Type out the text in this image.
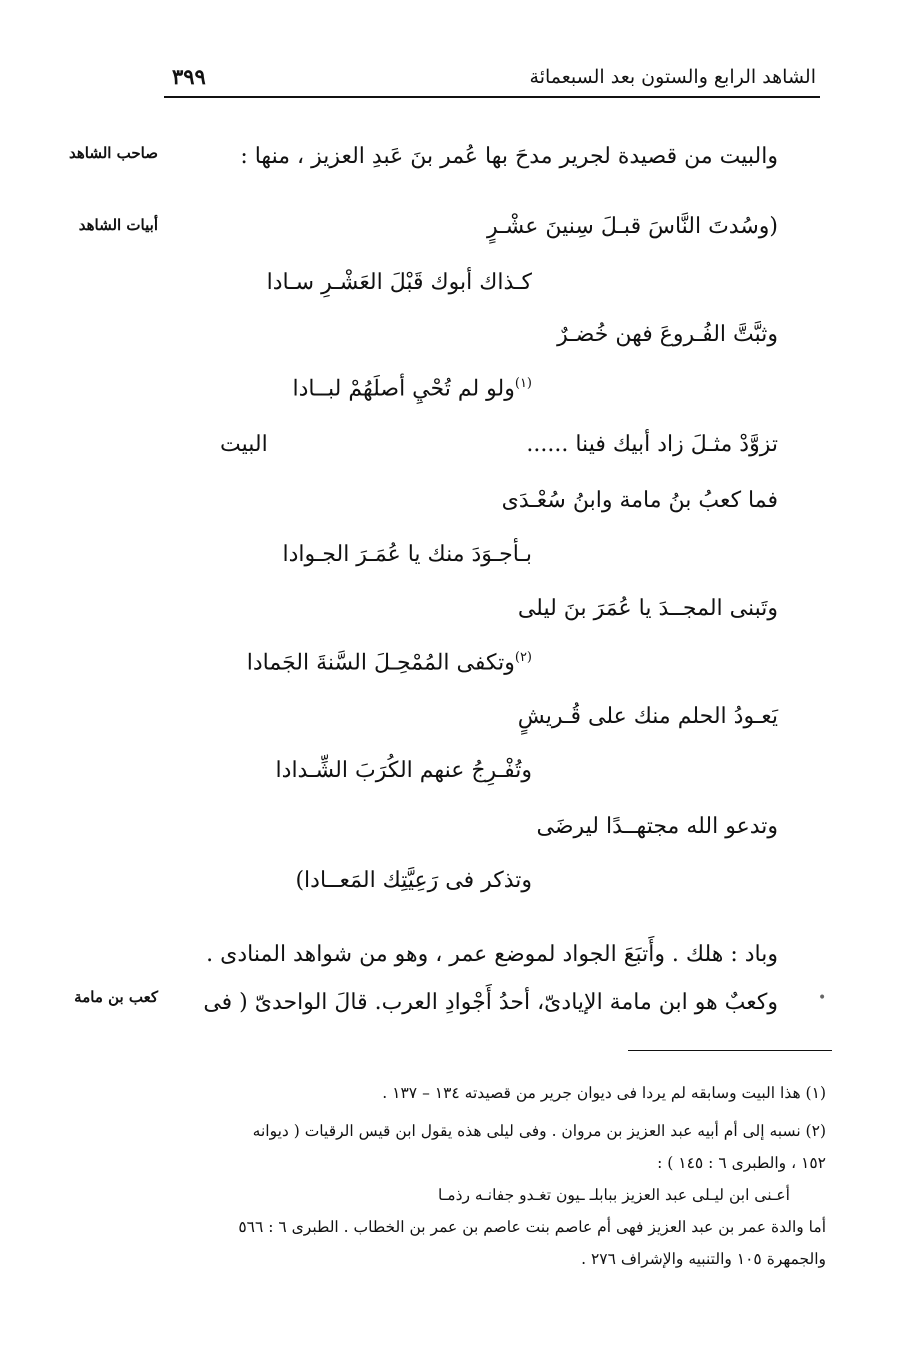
الشاهد الرابع والستون بعد السبعمائة
٣٩٩
صاحب الشاهد
أبيات الشاهد
كعب بن مامة
والبيت من قصيدة لجرير مدحَ بها عُمر بنَ عَبدِ العزيز ، منها :
(وسُدتَ النَّاسَ قبـلَ سِنينَ عشْـرٍ
كـذاك أبوك قَبْلَ العَشْـرِ سـادا
وثبَّتَّ الفُـروعَ فهن خُضـرٌ
$^{(١)}$ولو لم تُحْيِ أصلَهُمْ لبــادا
تزوَّدْ مثـلَ زاد أبيك فينا ......
البيت
فما كعبُ بنُ مامة وابنُ سُعْـدَى
بـأجـوَدَ منك يا عُمَـرَ الجـوادا
وتَبنى المجــدَ يا عُمَرَ بنَ ليلى
$^{(٢)}$وتكفى المُمْحِـلَ السَّنةَ الجَمادا
يَعـودُ الحلم منك على قُـريشٍ
وتُفْـرِجُ عنهم الكُرَبَ الشِّـدادا
وتدعو الله مجتهــدًا ليرضَى
وتذكر فى رَعِيَّتِك المَعــادا)
وباد : هلك . وأَتبَعَ الجواد لموضع عمر ، وهو من شواهد المنادى .
وكعبٌ هو ابن مامة الإيادىّ، أحدُ أَجْوادِ العرب. قالَ الواحدىّ ( فى	•
(١) هذا البيت وسابقه لم يردا فى ديوان جرير من قصيدته ١٣٤ – ١٣٧ .
(٢) نسبه إلى أم أبيه عبد العزيز بن مروان . وفى ليلى هذه يقول ابن قيس الرقيات ( ديوانه
١٥٢ ، والطبرى ٦ : ١٤٥ ) :
أعـنى ابن ليـلى عبد العزيز ببابلـ ـيون تغـدو جفانـه رذمـا
أما والدة عمر بن عبد العزيز فهى أم عاصم بنت عاصم بن عمر بن الخطاب . الطبرى ٦ : ٥٦٦
والجمهرة ١٠٥ والتنبيه والإشراف ٢٧٦ .
